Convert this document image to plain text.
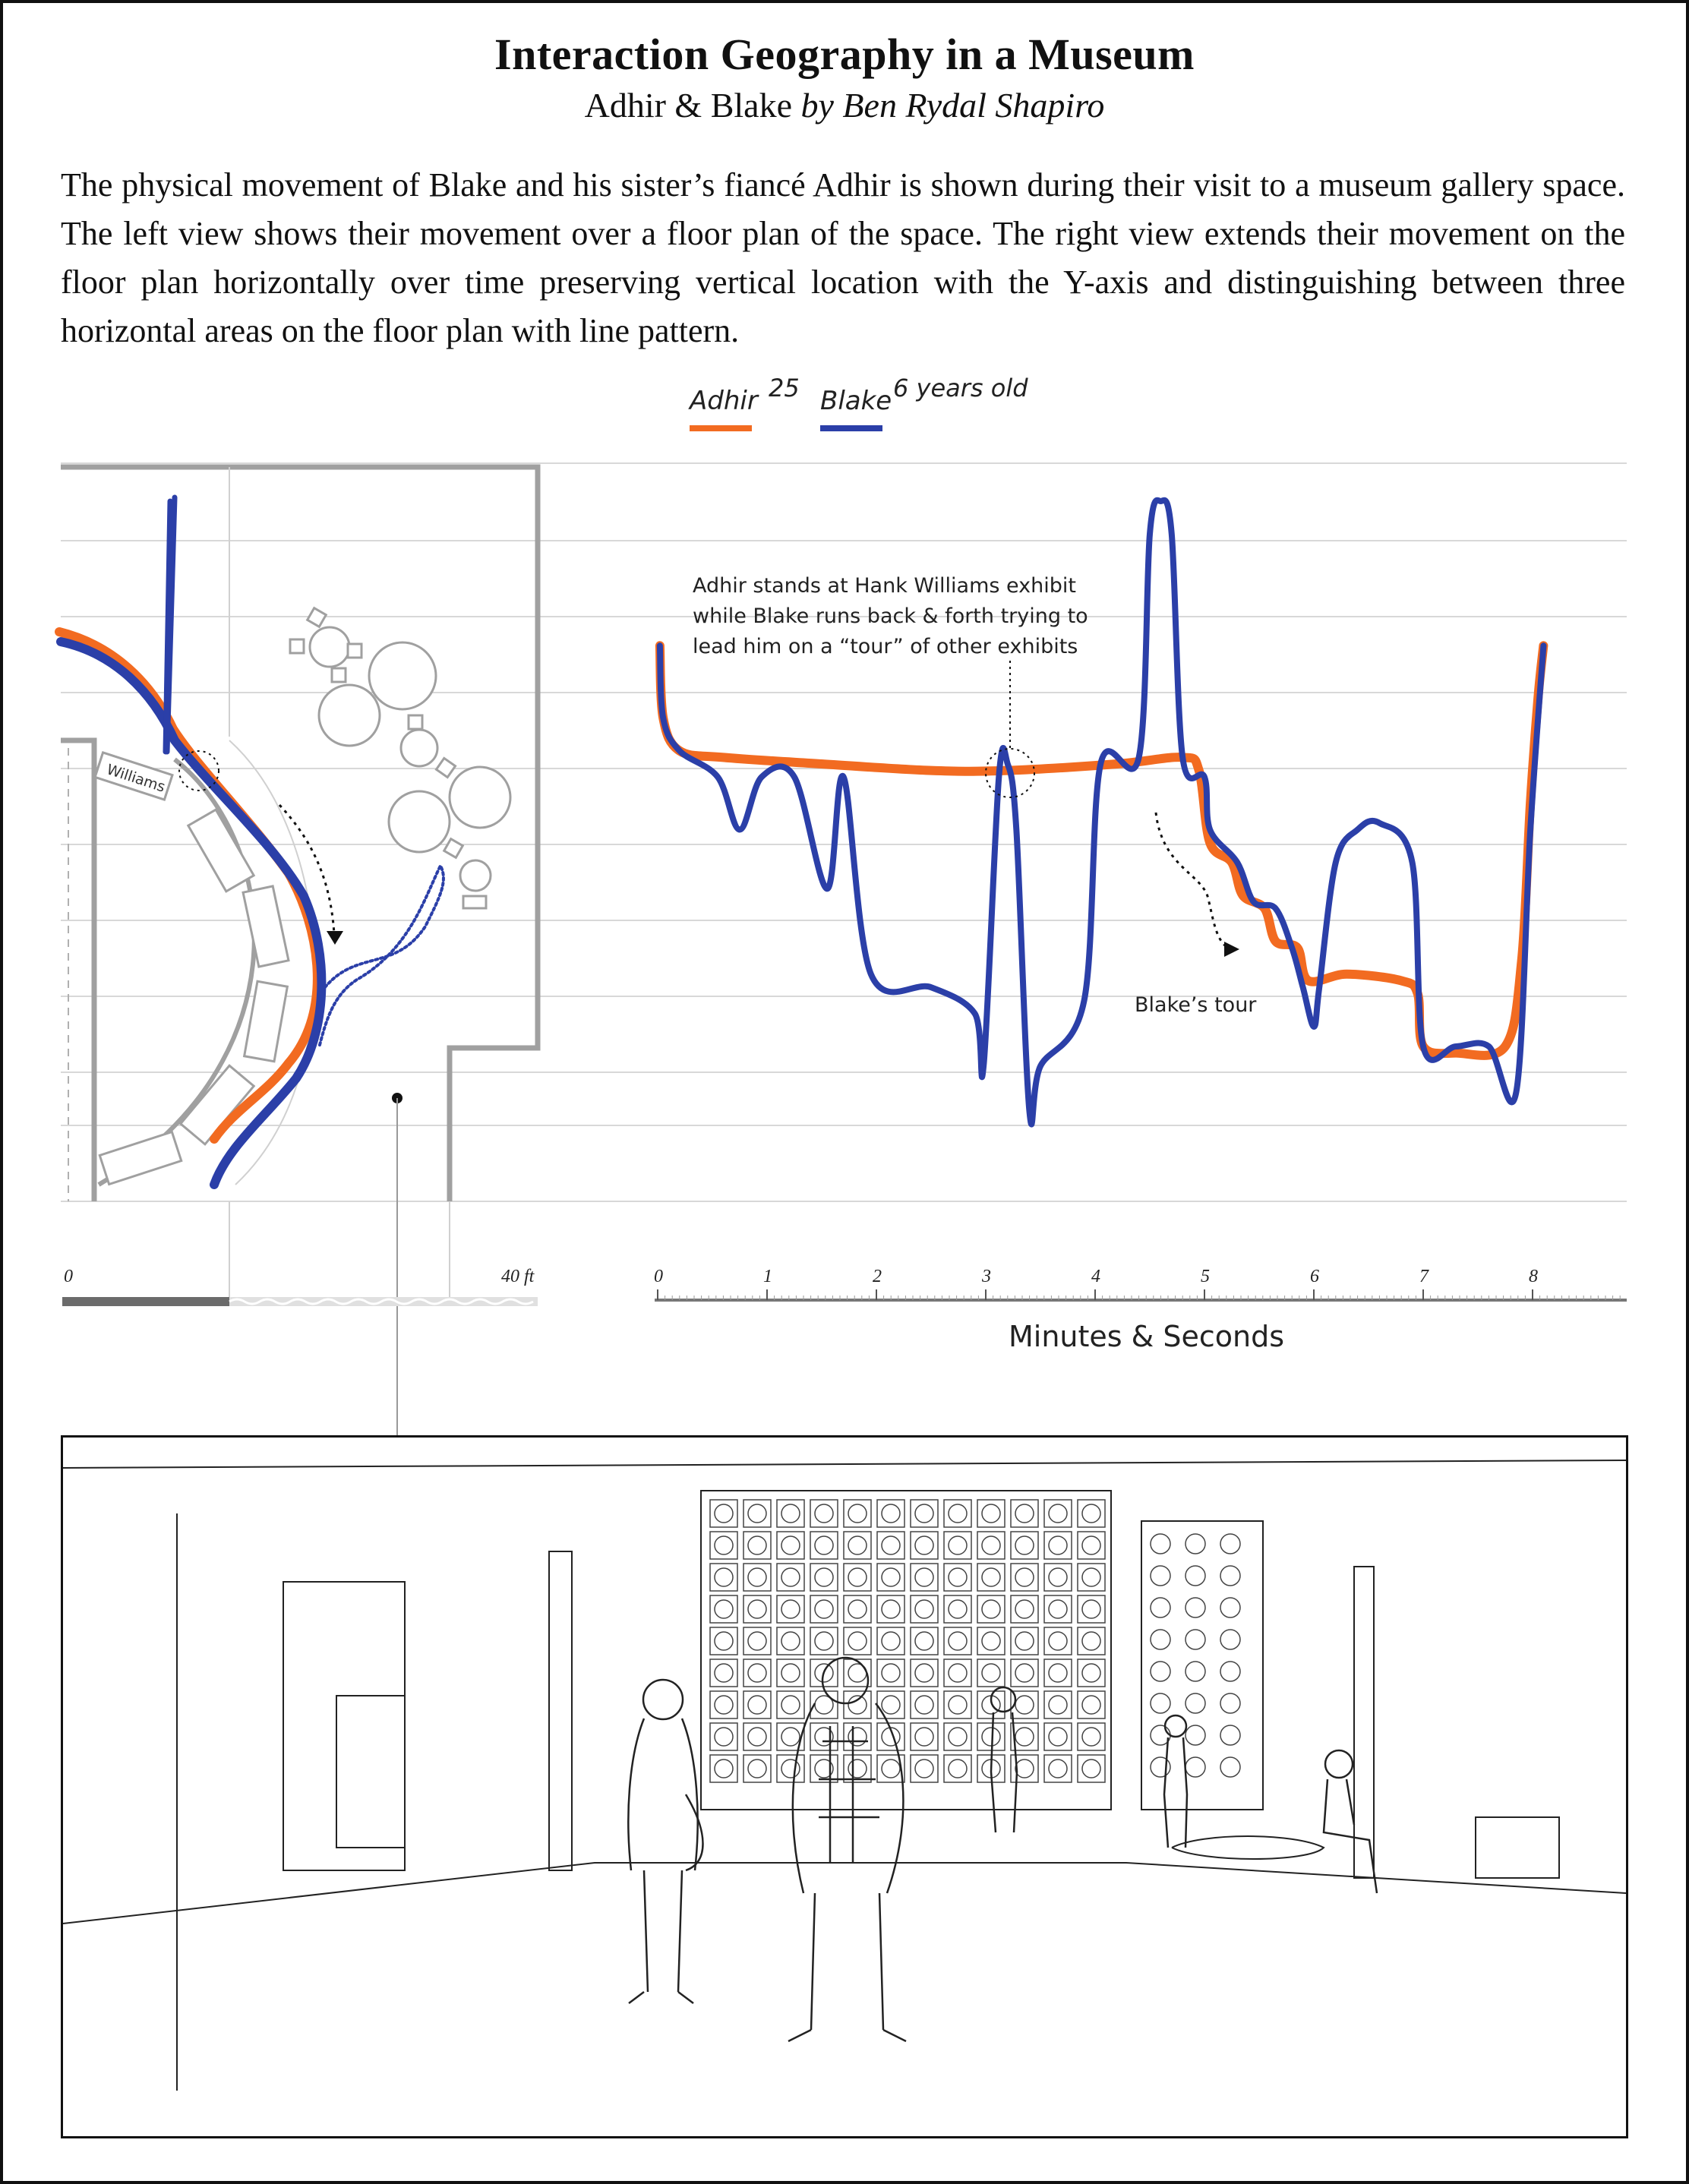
Interaction Geography in a Museum
Adhir & Blake by Ben Rydal Shapiro
The physical movement of Blake and his sister’s fiancé Adhir is shown during their visit to a museum gallery space. The left view shows their movement over a floor plan of the space. The right view extends their movement on the floor plan horizontally over time preserving vertical location with the Y-axis and distinguishing between three horizontal areas on the floor plan with line pattern.
Adhir 25 Blake 6 years old
Williams
0	40 ft	0	1	2	3	4	5	6	7	8
Minutes & Seconds
Adhir stands at Hank Williams exhibit
while Blake runs back & forth trying to
lead him on a “tour” of other exhibits
Blake’s tour
